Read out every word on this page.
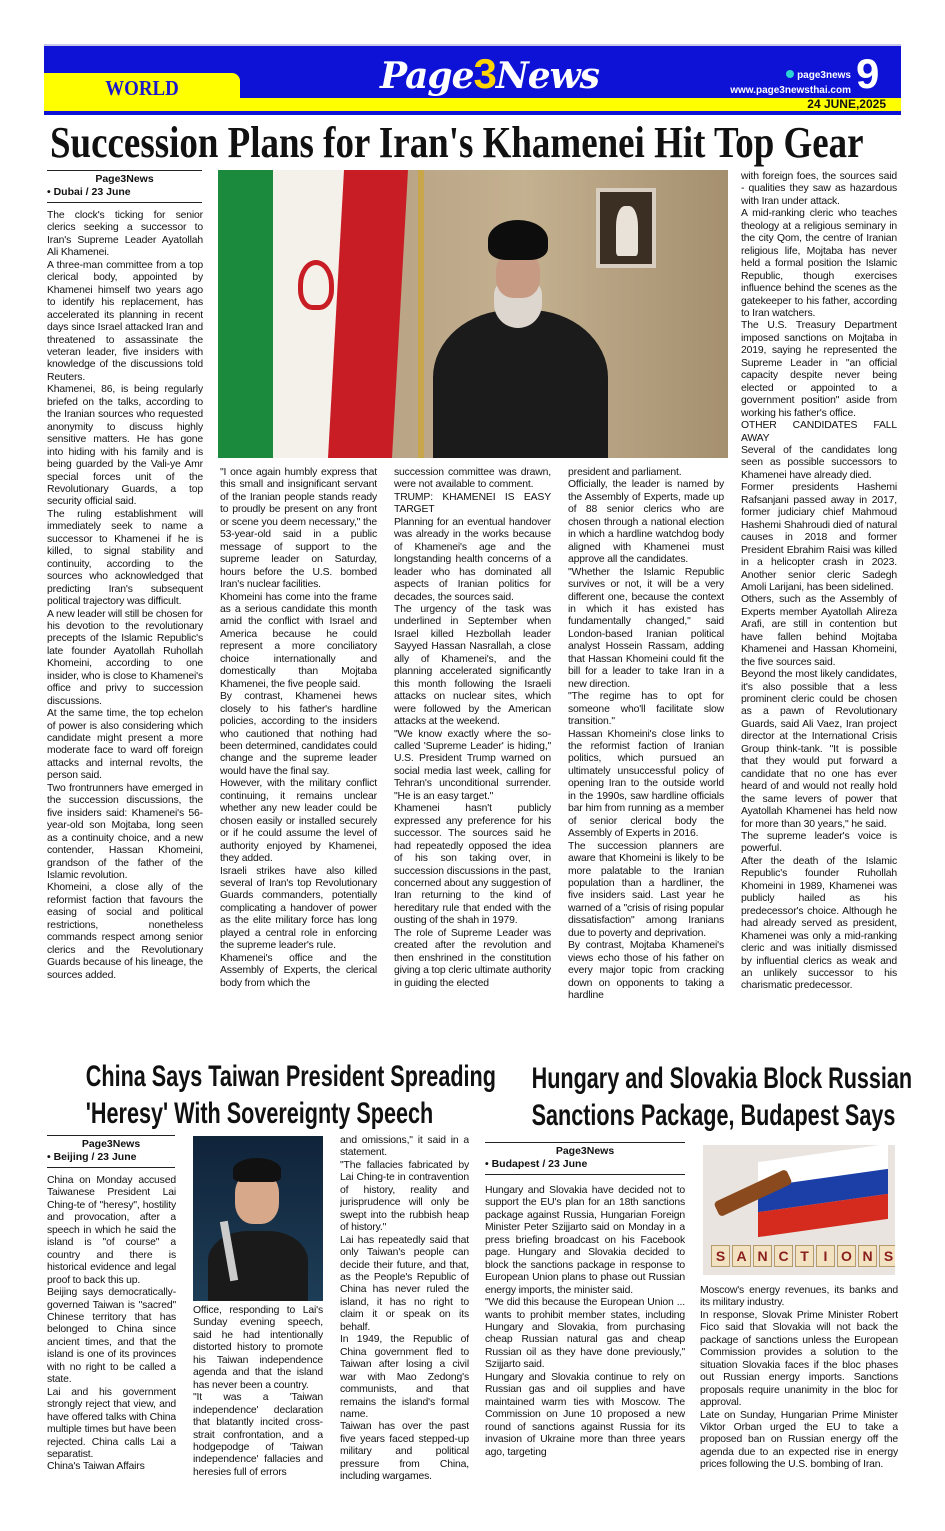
WORLD	Page3News	page3news
www.page3newsthai.com 9
24 JUNE,2025
Succession Plans for Iran's Khamenei Hit Top Gear
Page3News
• Dubai / 23 June

The clock's ticking for senior clerics seeking a successor to Iran's Supreme Leader Ayatollah Ali Khamenei.

A three-man committee from a top clerical body, appointed by Khamenei himself two years ago to identify his replacement, has accelerated its planning in recent days since Israel attacked Iran and threatened to assassinate the veteran leader, five insiders with knowledge of the discussions told Reuters.

Khamenei, 86, is being regularly briefed on the talks, according to the Iranian sources who requested anonymity to discuss highly sensitive matters. He has gone into hiding with his family and is being guarded by the Vali-ye Amr special forces unit of the Revolutionary Guards, a top security official said.

The ruling establishment will immediately seek to name a successor to Khamenei if he is killed, to signal stability and continuity, according to the sources who acknowledged that predicting Iran's subsequent political trajectory was difficult.

A new leader will still be chosen for his devotion to the revolutionary precepts of the Islamic Republic's late founder Ayatollah Ruhollah Khomeini, according to one insider, who is close to Khamenei's office and privy to succession discussions.

At the same time, the top echelon of power is also considering which candidate might present a more moderate face to ward off foreign attacks and internal revolts, the person said.

Two frontrunners have emerged in the succession discussions, the five insiders said: Khamenei's 56-year-old son Mojtaba, long seen as a continuity choice, and a new contender, Hassan Khomeini, grandson of the father of the Islamic revolution.

Khomeini, a close ally of the reformist faction that favours the easing of social and political restrictions, nonetheless commands respect among senior clerics and the Revolutionary Guards because of his lineage, the sources added.

"I once again humbly express that this small and insignificant servant of the Iranian people stands ready to proudly be present on any front or scene you deem necessary," the 53-year-old said in a public message of support to the supreme leader on Saturday, hours before the U.S. bombed Iran's nuclear facilities.

Khomeini has come into the frame as a serious candidate this month amid the conflict with Israel and America because he could represent a more conciliatory choice internationally and domestically than Mojtaba Khamenei, the five people said.

By contrast, Khamenei hews closely to his father's hardline policies, according to the insiders who cautioned that nothing had been determined, candidates could change and the supreme leader would have the final say.

However, with the military conflict continuing, it remains unclear whether any new leader could be chosen easily or installed securely or if he could assume the level of authority enjoyed by Khamenei, they added.

Israeli strikes have also killed several of Iran's top Revolutionary Guards commanders, potentially complicating a handover of power as the elite military force has long played a central role in enforcing the supreme leader's rule.

Khamenei's office and the Assembly of Experts, the clerical body from which the

succession committee was drawn, were not available to comment.

TRUMP: KHAMENEI IS EASY TARGET

Planning for an eventual handover was already in the works because of Khamenei's age and the longstanding health concerns of a leader who has dominated all aspects of Iranian politics for decades, the sources said.

The urgency of the task was underlined in September when Israel killed Hezbollah leader Sayyed Hassan Nasrallah, a close ally of Khamenei's, and the planning accelerated significantly this month following the Israeli attacks on nuclear sites, which were followed by the American attacks at the weekend.

"We know exactly where the so-called 'Supreme Leader' is hiding," U.S. President Trump warned on social media last week, calling for Tehran's unconditional surrender. "He is an easy target."

Khamenei hasn't publicly expressed any preference for his successor. The sources said he had repeatedly opposed the idea of his son taking over, in succession discussions in the past, concerned about any suggestion of Iran returning to the kind of hereditary rule that ended with the ousting of the shah in 1979.

The role of Supreme Leader was created after the revolution and then enshrined in the constitution giving a top cleric ultimate authority in guiding the elected

president and parliament.

Officially, the leader is named by the Assembly of Experts, made up of 88 senior clerics who are chosen through a national election in which a hardline watchdog body aligned with Khamenei must approve all the candidates.

"Whether the Islamic Republic survives or not, it will be a very different one, because the context in which it has existed has fundamentally changed," said London-based Iranian political analyst Hossein Rassam, adding that Hassan Khomeini could fit the bill for a leader to take Iran in a new direction.

"The regime has to opt for someone who'll facilitate slow transition."

Hassan Khomeini's close links to the reformist faction of Iranian politics, which pursued an ultimately unsuccessful policy of opening Iran to the outside world in the 1990s, saw hardline officials bar him from running as a member of senior clerical body the Assembly of Experts in 2016.

The succession planners are aware that Khomeini is likely to be more palatable to the Iranian population than a hardliner, the five insiders said. Last year he warned of a "crisis of rising popular dissatisfaction" among Iranians due to poverty and deprivation.

By contrast, Mojtaba Khamenei's views echo those of his father on every major topic from cracking down on opponents to taking a hardline

with foreign foes, the sources said - qualities they saw as hazardous with Iran under attack.

A mid-ranking cleric who teaches theology at a religious seminary in the city Qom, the centre of Iranian religious life, Mojtaba has never held a formal position the Islamic Republic, though exercises influence behind the scenes as the gatekeeper to his father, according to Iran watchers.

The U.S. Treasury Department imposed sanctions on Mojtaba in 2019, saying he represented the Supreme Leader in "an official capacity despite never being elected or appointed to a government position" aside from working his father's office.

OTHER CANDIDATES FALL AWAY

Several of the candidates long seen as possible successors to Khamenei have already died.

Former presidents Hashemi Rafsanjani passed away in 2017, former judiciary chief Mahmoud Hashemi Shahroudi died of natural causes in 2018 and former President Ebrahim Raisi was killed in a helicopter crash in 2023. Another senior cleric Sadegh Amoli Larijani, has been sidelined.

Others, such as the Assembly of Experts member Ayatollah Alireza Arafi, are still in contention but have fallen behind Mojtaba Khamenei and Hassan Khomeini, the five sources said.

Beyond the most likely candidates, it's also possible that a less prominent cleric could be chosen as a pawn of Revolutionary Guards, said Ali Vaez, Iran project director at the International Crisis Group think-tank. "It is possible that they would put forward a candidate that no one has ever heard of and would not really hold the same levers of power that Ayatollah Khamenei has held now for more than 30 years," he said.

The supreme leader's voice is powerful.

After the death of the Islamic Republic's founder Ruhollah Khomeini in 1989, Khamenei was publicly hailed as his predecessor's choice. Although he had already served as president, Khamenei was only a mid-ranking cleric and was initially dismissed by influential clerics as weak and an unlikely successor to his charismatic predecessor.

China Says Taiwan President Spreading
'Heresy' With Sovereignty Speech
Page3News
• Beijing / 23 June

China on Monday accused Taiwanese President Lai Ching-te of "heresy", hostility and provocation, after a speech in which he said the island is "of course" a country and there is historical evidence and legal proof to back this up.

Beijing says democratically-governed Taiwan is "sacred" Chinese territory that has belonged to China since ancient times, and that the island is one of its provinces with no right to be called a state.

Lai and his government strongly reject that view, and have offered talks with China multiple times but have been rejected. China calls Lai a separatist.

China's Taiwan Affairs

Office, responding to Lai's Sunday evening speech, said he had intentionally distorted history to promote his Taiwan independence agenda and that the island has never been a country.

"It was a 'Taiwan independence' declaration that blatantly incited cross-strait confrontation, and a hodgepodge of 'Taiwan independence' fallacies and heresies full of errors

and omissions," it said in a statement.

"The fallacies fabricated by Lai Ching-te in contravention of history, reality and jurisprudence will only be swept into the rubbish heap of history."

Lai has repeatedly said that only Taiwan's people can decide their future, and that, as the People's Republic of China has never ruled the island, it has no right to claim it or speak on its behalf.

In 1949, the Republic of China government fled to Taiwan after losing a civil war with Mao Zedong's communists, and that remains the island's formal name.

Taiwan has over the past five years faced stepped-up military and political pressure from China, including wargames.

Hungary and Slovakia Block Russian
Sanctions Package, Budapest Says
Page3News
• Budapest / 23 June

Hungary and Slovakia have decided not to support the EU's plan for an 18th sanctions package against Russia, Hungarian Foreign Minister Peter Szijjarto said on Monday in a press briefing broadcast on his Facebook page. Hungary and Slovakia decided to block the sanctions package in response to European Union plans to phase out Russian energy imports, the minister said.

"We did this because the European Union ... wants to prohibit member states, including Hungary and Slovakia, from purchasing cheap Russian natural gas and cheap Russian oil as they have done previously," Szijjarto said.

Hungary and Slovakia continue to rely on Russian gas and oil supplies and have maintained warm ties with Moscow. The Commission on June 10 proposed a new round of sanctions against Russia for its invasion of Ukraine more than three years ago, targeting

S A N C T	I O N S

Moscow's energy revenues, its banks and its military industry.

In response, Slovak Prime Minister Robert Fico said that Slovakia will not back the package of sanctions unless the European Commission provides a solution to the situation Slovakia faces if the bloc phases out Russian energy imports. Sanctions proposals require unanimity in the bloc for approval.

Late on Sunday, Hungarian Prime Minister Viktor Orban urged the EU to take a proposed ban on Russian energy off the agenda due to an expected rise in energy prices following the U.S. bombing of Iran.
